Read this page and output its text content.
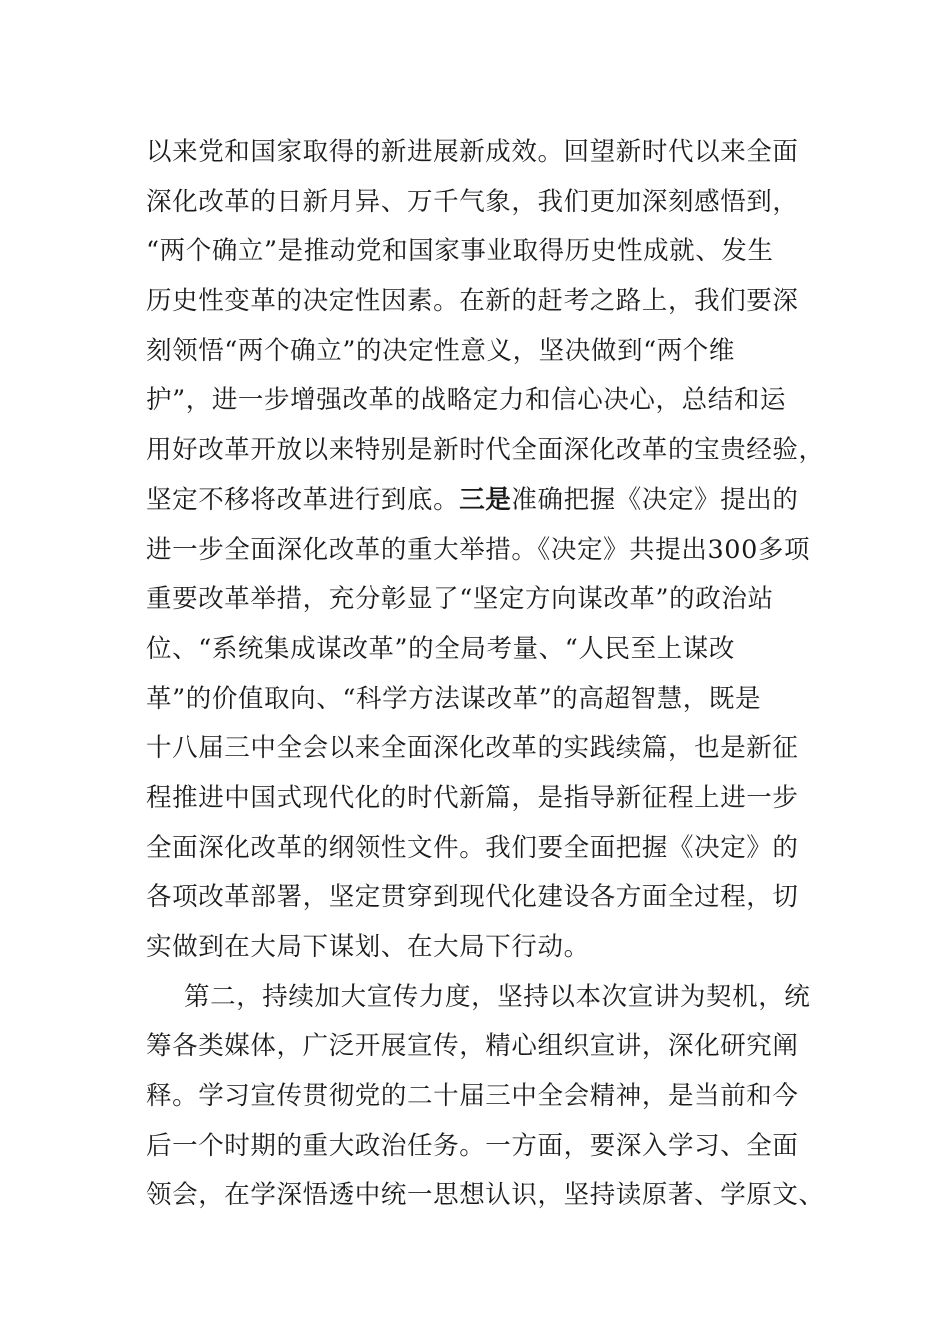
以来党和国家取得的新进展新成效。回望新时代以来全面
深化改革的日新月异、万千气象，我们更加深刻感悟到，
“两个确立”是推动党和国家事业取得历史性成就、发生
历史性变革的决定性因素。在新的赶考之路上，我们要深
刻领悟“两个确立”的决定性意义，坚决做到“两个维
护”，进一步增强改革的战略定力和信心决心，总结和运
用好改革开放以来特别是新时代全面深化改革的宝贵经验，
坚定不移将改革进行到底。三是准确把握《决定》提出的
进一步全面深化改革的重大举措。《决定》共提出300多项
重要改革举措，充分彰显了“坚定方向谋改革”的政治站
位、“系统集成谋改革”的全局考量、“人民至上谋改
革”的价值取向、“科学方法谋改革”的高超智慧，既是
十八届三中全会以来全面深化改革的实践续篇，也是新征
程推进中国式现代化的时代新篇，是指导新征程上进一步
全面深化改革的纲领性文件。我们要全面把握《决定》的
各项改革部署，坚定贯穿到现代化建设各方面全过程，切
实做到在大局下谋划、在大局下行动。
第二，持续加大宣传力度，坚持以本次宣讲为契机，统
筹各类媒体，广泛开展宣传，精心组织宣讲，深化研究阐
释。学习宣传贯彻党的二十届三中全会精神，是当前和今
后一个时期的重大政治任务。一方面，要深入学习、全面
领会，在学深悟透中统一思想认识，坚持读原著、学原文、
